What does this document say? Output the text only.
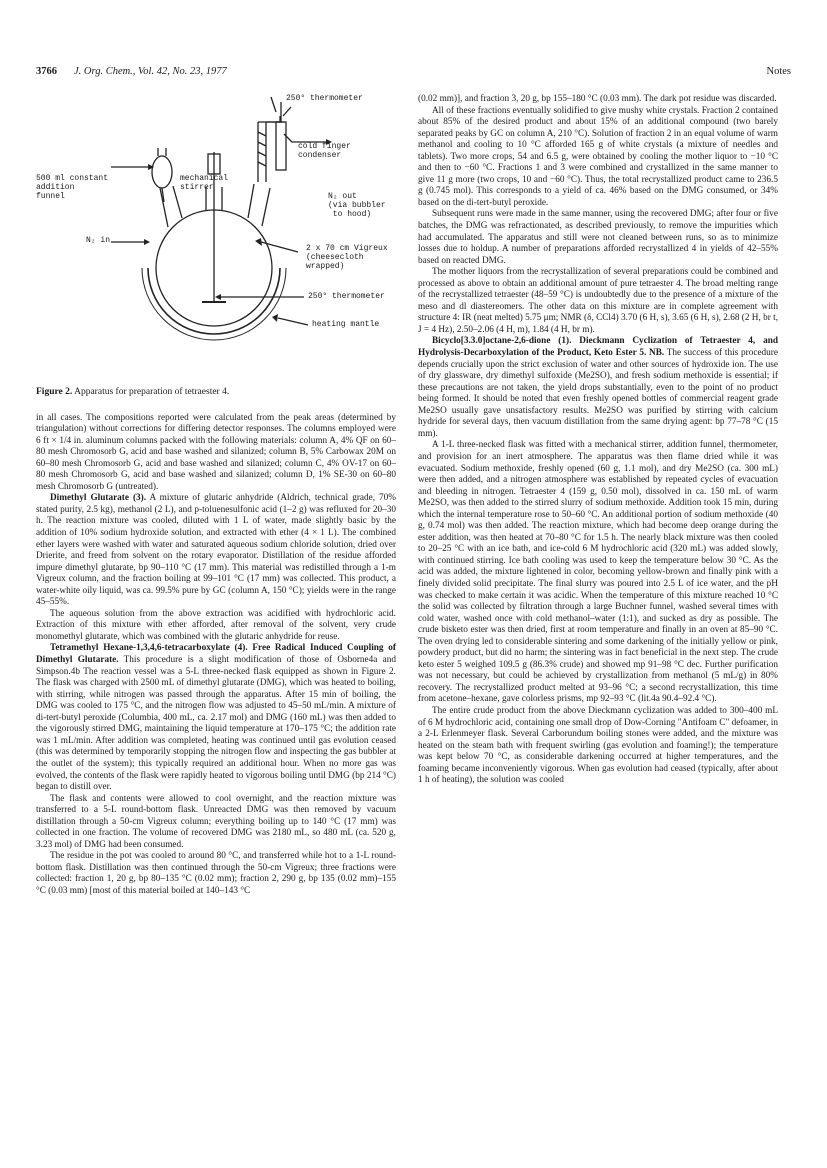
3766 J. Org. Chem., Vol. 42, No. 23, 1977	Notes
250° thermometer
cold finger
condenser
500 ml constant
addition
funnel
mechanical
stirrer
N₂ out
(via bubbler
to hood)
N₂ in
2 x 70 cm Vigreux
(cheesecloth
wrapped)
250° thermometer
heating mantle
Figure 2. Apparatus for preparation of tetraester 4.

in all cases. The compositions reported were calculated from the peak areas (determined by triangulation) without corrections for differing detector responses. The columns employed were 6 ft × 1/4 in. aluminum columns packed with the following materials: column A, 4% QF on 60–80 mesh Chromosorb G, acid and base washed and silanized; column B, 5% Carbowax 20M on 60–80 mesh Chromosorb G, acid and base washed and silanized; column C, 4% OV-17 on 60–80 mesh Chromosorb G, acid and base washed and silanized; column D, 1% SE-30 on 60–80 mesh Chromosorb G (untreated).

Dimethyl Glutarate (3). A mixture of glutaric anhydride (Aldrich, technical grade, 70% stated purity, 2.5 kg), methanol (2 L), and p-toluenesulfonic acid (1–2 g) was refluxed for 20–30 h. The reaction mixture was cooled, diluted with 1 L of water, made slightly basic by the addition of 10% sodium hydroxide solution, and extracted with ether (4 × 1 L). The combined ether layers were washed with water and saturated aqueous sodium chloride solution, dried over Drierite, and freed from solvent on the rotary evaporator. Distillation of the residue afforded impure dimethyl glutarate, bp 90–110 °C (17 mm). This material was redistilled through a 1-m Vigreux column, and the fraction boiling at 99–101 °C (17 mm) was collected. This product, a water-white oily liquid, was ca. 99.5% pure by GC (column A, 150 °C); yields were in the range 45–55%.

The aqueous solution from the above extraction was acidified with hydrochloric acid. Extraction of this mixture with ether afforded, after removal of the solvent, very crude monomethyl glutarate, which was combined with the glutaric anhydride for reuse.

Tetramethyl Hexane-1,3,4,6-tetracarboxylate (4). Free Radical Induced Coupling of Dimethyl Glutarate. This procedure is a slight modification of those of Osborne4a and Simpson.4b The reaction vessel was a 5-L three-necked flask equipped as shown in Figure 2. The flask was charged with 2500 mL of dimethyl glutarate (DMG), which was heated to boiling, with stirring, while nitrogen was passed through the apparatus. After 15 min of boiling, the DMG was cooled to 175 °C, and the nitrogen flow was adjusted to 45–50 mL/min. A mixture of di-tert-butyl peroxide (Columbia, 400 mL, ca. 2.17 mol) and DMG (160 mL) was then added to the vigorously stirred DMG, maintaining the liquid temperature at 170–175 °C; the addition rate was 1 mL/min. After addition was completed, heating was continued until gas evolution ceased (this was determined by temporarily stopping the nitrogen flow and inspecting the gas bubbler at the outlet of the system); this typically required an additional hour. When no more gas was evolved, the contents of the flask were rapidly heated to vigorous boiling until DMG (bp 214 °C) began to distill over.

The flask and contents were allowed to cool overnight, and the reaction mixture was transferred to a 5-L round-bottom flask. Unreacted DMG was then removed by vacuum distillation through a 50-cm Vigreux column; everything boiling up to 140 °C (17 mm) was collected in one fraction. The volume of recovered DMG was 2180 mL, so 480 mL (ca. 520 g, 3.23 mol) of DMG had been consumed.

The residue in the pot was cooled to around 80 °C, and transferred while hot to a 1-L round-bottom flask. Distillation was then continued through the 50-cm Vigreux; three fractions were collected: fraction 1, 20 g, bp 80–135 °C (0.02 mm); fraction 2, 290 g, bp 135 (0.02 mm)–155 °C (0.03 mm) [most of this material boiled at 140–143 °C

(0.02 mm)], and fraction 3, 20 g, bp 155–180 °C (0.03 mm). The dark pot residue was discarded.

All of these fractions eventually solidified to give mushy white crystals. Fraction 2 contained about 85% of the desired product and about 15% of an additional compound (two barely separated peaks by GC on column A, 210 °C). Solution of fraction 2 in an equal volume of warm methanol and cooling to 10 °C afforded 165 g of white crystals (a mixture of needles and tablets). Two more crops, 54 and 6.5 g, were obtained by cooling the mother liquor to −10 °C and then to −60 °C. Fractions 1 and 3 were combined and crystallized in the same manner to give 11 g more (two crops, 10 and −60 °C). Thus, the total recrystallized product came to 236.5 g (0.745 mol). This corresponds to a yield of ca. 46% based on the DMG consumed, or 34% based on the di-tert-butyl peroxide.

Subsequent runs were made in the same manner, using the recovered DMG; after four or five batches, the DMG was refractionated, as described previously, to remove the impurities which had accumulated. The apparatus and still were not cleaned between runs, so as to minimize losses due to holdup. A number of preparations afforded recrystallized 4 in yields of 42–55% based on reacted DMG.

The mother liquors from the recrystallization of several preparations could be combined and processed as above to obtain an additional amount of pure tetraester 4. The broad melting range of the recrystallized tetraester (48–59 °C) is undoubtedly due to the presence of a mixture of the meso and dl diastereomers. The other data on this mixture are in complete agreement with structure 4: IR (neat melted) 5.75 μm; NMR (δ, CCl4) 3.70 (6 H, s), 3.65 (6 H, s), 2.68 (2 H, br t, J = 4 Hz), 2.50–2.06 (4 H, m), 1.84 (4 H, br m).

Bicyclo[3.3.0]octane-2,6-dione (1). Dieckmann Cyclization of Tetraester 4, and Hydrolysis-Decarboxylation of the Product, Keto Ester 5. NB. The success of this procedure depends crucially upon the strict exclusion of water and other sources of hydroxide ion. The use of dry glassware, dry dimethyl sulfoxide (Me2SO), and fresh sodium methoxide is essential; if these precautions are not taken, the yield drops substantially, even to the point of no product being formed. It should be noted that even freshly opened bottles of commercial reagent grade Me2SO usually gave unsatisfactory results. Me2SO was purified by stirring with calcium hydride for several days, then vacuum distillation from the same drying agent: bp 77–78 °C (15 mm).

A 1-L three-necked flask was fitted with a mechanical stirrer, addition funnel, thermometer, and provision for an inert atmosphere. The apparatus was then flame dried while it was evacuated. Sodium methoxide, freshly opened (60 g, 1.1 mol), and dry Me2SO (ca. 300 mL) were then added, and a nitrogen atmosphere was established by repeated cycles of evacuation and bleeding in nitrogen. Tetraester 4 (159 g, 0.50 mol), dissolved in ca. 150 mL of warm Me2SO, was then added to the stirred slurry of sodium methoxide. Addition took 15 min, during which the internal temperature rose to 50–60 °C. An additional portion of sodium methoxide (40 g, 0.74 mol) was then added. The reaction mixture, which had become deep orange during the ester addition, was then heated at 70–80 °C for 1.5 h. The nearly black mixture was then cooled to 20–25 °C with an ice bath, and ice-cold 6 M hydrochloric acid (320 mL) was added slowly, with continued stirring. Ice bath cooling was used to keep the temperature below 30 °C. As the acid was added, the mixture lightened in color, becoming yellow-brown and finally pink with a finely divided solid precipitate. The final slurry was poured into 2.5 L of ice water, and the pH was checked to make certain it was acidic. When the temperature of this mixture reached 10 °C the solid was collected by filtration through a large Buchner funnel, washed several times with cold water, washed once with cold methanol–water (1:1), and sucked as dry as possible. The crude bisketo ester was then dried, first at room temperature and finally in an oven at 85–90 °C. The oven drying led to considerable sintering and some darkening of the initially yellow or pink, powdery product, but did no harm; the sintering was in fact beneficial in the next step. The crude keto ester 5 weighed 109.5 g (86.3% crude) and showed mp 91–98 °C dec. Further purification was not necessary, but could be achieved by crystallization from methanol (5 mL/g) in 80% recovery. The recrystallized product melted at 93–96 °C; a second recrystallization, this time from acetone–hexane, gave colorless prisms, mp 92–93 °C (lit.4a 90.4–92.4 °C).

The entire crude product from the above Dieckmann cyclization was added to 300–400 mL of 6 M hydrochloric acid, containing one small drop of Dow-Corning "Antifoam C" defoamer, in a 2-L Erlenmeyer flask. Several Carborundum boiling stones were added, and the mixture was heated on the steam bath with frequent swirling (gas evolution and foaming!); the temperature was kept below 70 °C, as considerable darkening occurred at higher temperatures, and the foaming became inconveniently vigorous. When gas evolution had ceased (typically, after about 1 h of heating), the solution was cooled
